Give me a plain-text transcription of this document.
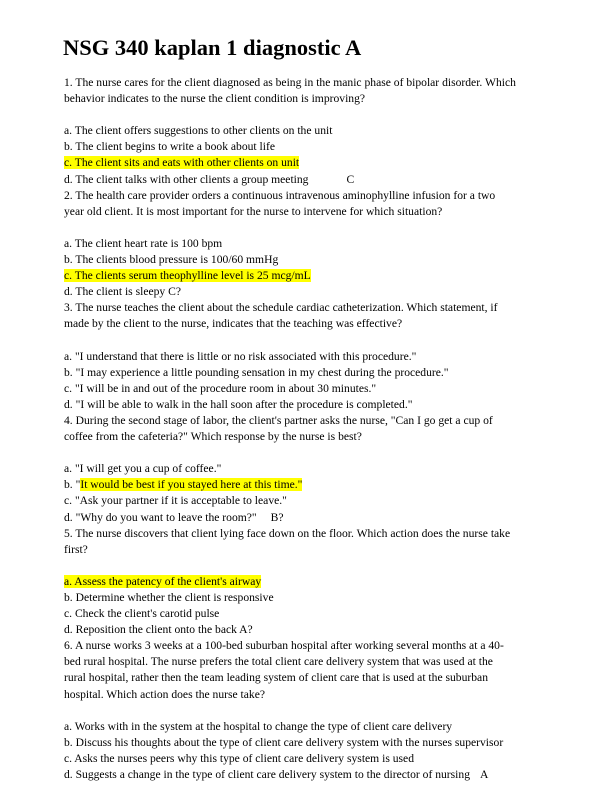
NSG 340 kaplan 1 diagnostic A
1. The nurse cares for the client diagnosed as being in the manic phase of bipolar disorder. Which
behavior indicates to the nurse the client condition is improving?
a. The client offers suggestions to other clients on the unit
b. The client begins to write a book about life
c. The client sits and eats with other clients on unit
d. The client talks with other clients a group meeting	C
2. The health care provider orders a continuous intravenous aminophylline infusion for a two
year old client. It is most important for the nurse to intervene for which situation?
a. The client heart rate is 100 bpm
b. The clients blood pressure is 100/60 mmHg
c. The clients serum theophylline level is 25 mcg/mL
d. The client is sleepy C?
3. The nurse teaches the client about the schedule cardiac catheterization. Which statement, if
made by the client to the nurse, indicates that the teaching was effective?
a. "I understand that there is little or no risk associated with this procedure."
b. "I may experience a little pounding sensation in my chest during the procedure."
c. "I will be in and out of the procedure room in about 30 minutes."
d. "I will be able to walk in the hall soon after the procedure is completed."
4. During the second stage of labor, the client's partner asks the nurse, "Can I go get a cup of
coffee from the cafeteria?" Which response by the nurse is best?
a. "I will get you a cup of coffee."
b. "It would be best if you stayed here at this time."
c. "Ask your partner if it is acceptable to leave."
d. "Why do you want to leave the room?" B?
5. The nurse discovers that client lying face down on the floor. Which action does the nurse take
first?
a. Assess the patency of the client's airway
b. Determine whether the client is responsive
c. Check the client's carotid pulse
d. Reposition the client onto the back A?
6. A nurse works 3 weeks at a 100-bed suburban hospital after working several months at a 40-
bed rural hospital. The nurse prefers the total client care delivery system that was used at the
rural hospital, rather then the team leading system of client care that is used at the suburban
hospital. Which action does the nurse take?
a. Works with in the system at the hospital to change the type of client care delivery
b. Discuss his thoughts about the type of client care delivery system with the nurses supervisor
c. Asks the nurses peers why this type of client care delivery system is used
d. Suggests a change in the type of client care delivery system to the director of nursing A
